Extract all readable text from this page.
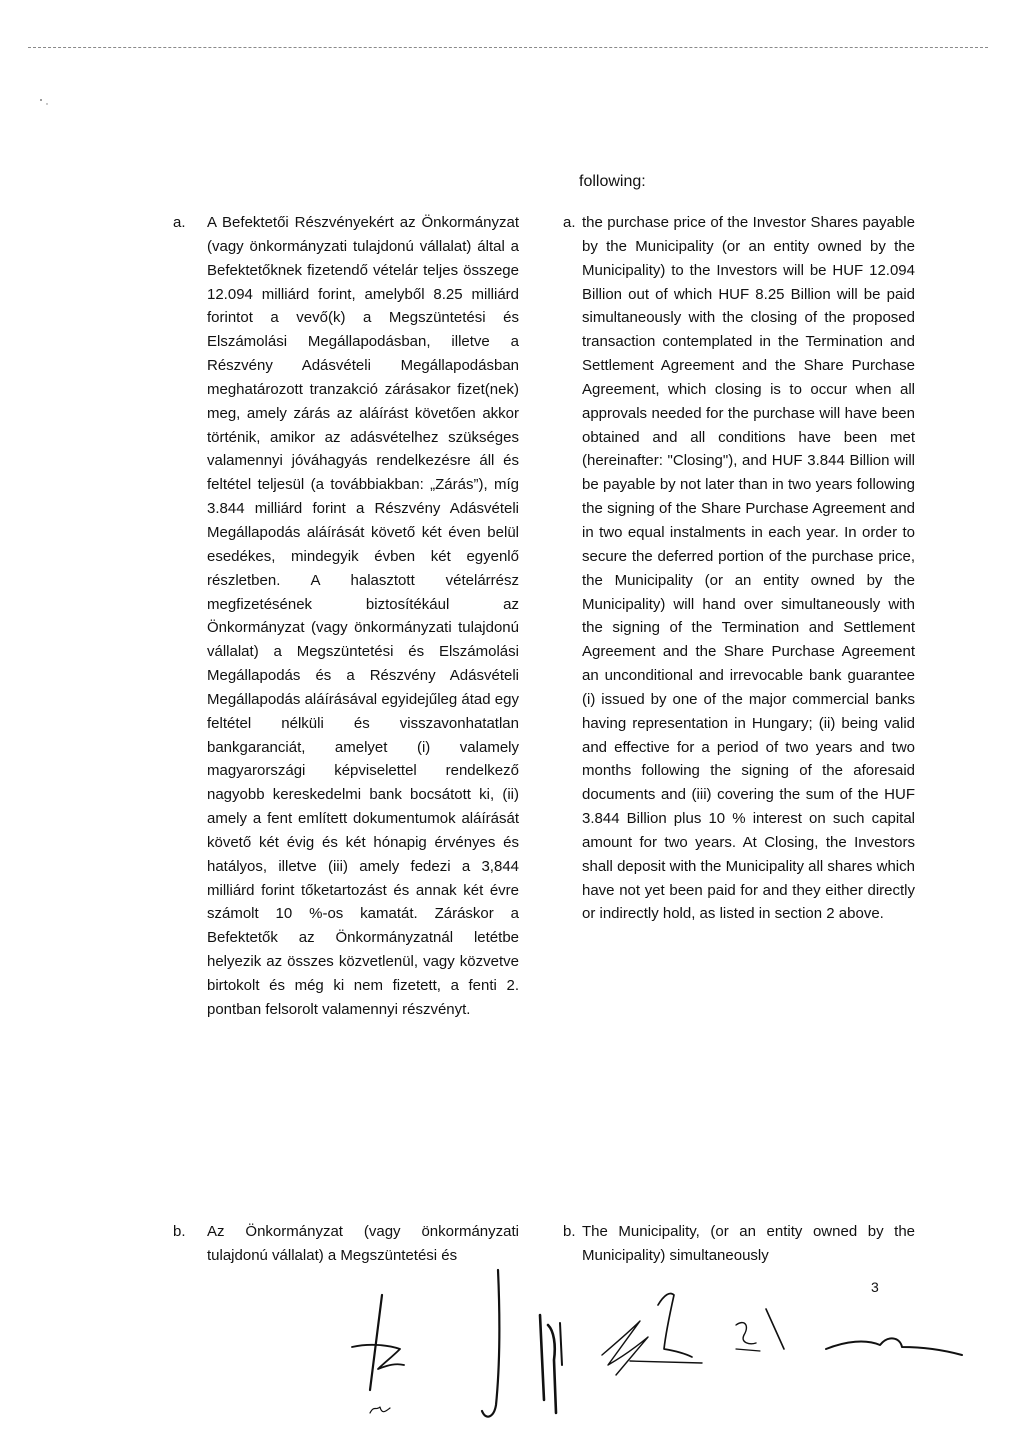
following:

a.	A Befektetői Részvényekért az Önkormányzat (vagy önkormányzati tulajdonú vállalat) által a Befektetőknek fizetendő vételár teljes összege 12.094 milliárd forint, amelyből 8.25 milliárd forintot a vevő(k) a Megszüntetési és Elszámolási Megállapodásban, illetve a Részvény Adásvételi Megállapodásban meghatározott tranzakció zárásakor fizet(nek) meg, amely zárás az aláírást követően akkor történik, amikor az adásvételhez szükséges valamennyi jóváhagyás rendelkezésre áll és feltétel teljesül (a továbbiakban: „Zárás”), míg 3.844 milliárd forint a Részvény Adásvételi Megállapodás aláírását követő két éven belül esedékes, mindegyik évben két egyenlő részletben. A halasztott vételárrész megfizetésének biztosítékául az Önkormányzat (vagy önkormányzati tulajdonú vállalat) a Megszüntetési és Elszámolási Megállapodás és a Részvény Adásvételi Megállapodás aláírásával egyidejűleg átad egy feltétel nélküli és visszavonhatatlan bankgaranciát, amelyet (i) valamely magyarországi képviselettel rendelkező nagyobb kereskedelmi bank bocsátott ki, (ii) amely a fent említett dokumentumok aláírását követő két évig és két hónapig érvényes és hatályos, illetve (iii) amely fedezi a 3,844 milliárd forint tőketartozást és annak két évre számolt 10 %-os kamatát. Záráskor a Befektetők az Önkormányzatnál letétbe helyezik az összes közvetlenül, vagy közvetve birtokolt és még ki nem fizetett, a fenti 2. pontban felsorolt valamennyi részvényt.

a. the purchase price of the Investor Shares payable by the Municipality (or an entity owned by the Municipality) to the Investors will be HUF 12.094 Billion out of which HUF 8.25 Billion will be paid simultaneously with the closing of the proposed transaction contemplated in the Termination and Settlement Agreement and the Share Purchase Agreement, which closing is to occur when all approvals needed for the purchase will have been obtained and all conditions have been met (hereinafter: "Closing"), and HUF 3.844 Billion will be payable by not later than in two years following the signing of the Share Purchase Agreement and in two equal instalments in each year. In order to secure the deferred portion of the purchase price, the Municipality (or an entity owned by the Municipality) will hand over simultaneously with the signing of the Termination and Settlement Agreement and the Share Purchase Agreement an unconditional and irrevocable bank guarantee (i) issued by one of the major commercial banks having representation in Hungary; (ii) being valid and effective for a period of two years and two months following the signing of the aforesaid documents and (iii) covering the sum of the HUF 3.844 Billion plus 10 % interest on such capital amount for two years. At Closing, the Investors shall deposit with the Municipality all shares which have not yet been paid for and they either directly or indirectly hold, as listed in section 2 above.

b.	Az Önkormányzat (vagy önkormányzati tulajdonú vállalat) a Megszüntetési és

b. The Municipality, (or an entity owned by the Municipality) simultaneously

3
